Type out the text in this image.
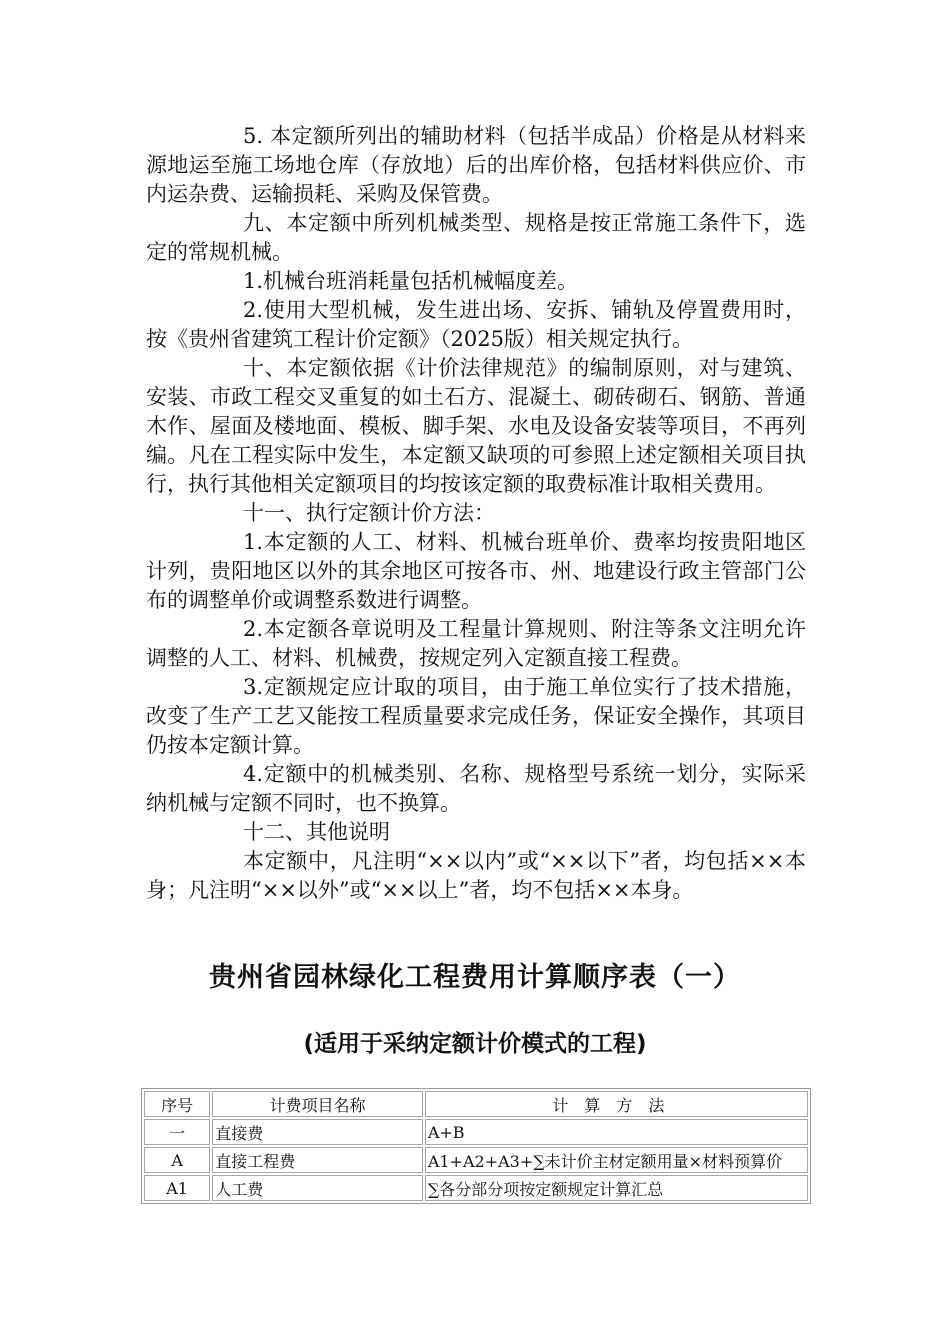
5. 本定额所列出的辅助材料（包括半成品）价格是从材料来源地运至施工场地仓库（存放地）后的出库价格，包括材料供应价、市内运杂费、运输损耗、采购及保管费。

九、本定额中所列机械类型、规格是按正常施工条件下，选定的常规机械。

1.机械台班消耗量包括机械幅度差。

2.使用大型机械，发生进出场、安拆、铺轨及停置费用时，按《贵州省建筑工程计价定额》（2025版）相关规定执行。

十、本定额依据《计价法律规范》的编制原则，对与建筑、安装、市政工程交叉重复的如土石方、混凝土、砌砖砌石、钢筋、普通木作、屋面及楼地面、模板、脚手架、水电及设备安装等项目，不再列编。凡在工程实际中发生，本定额又缺项的可参照上述定额相关项目执行，执行其他相关定额项目的均按该定额的取费标准计取相关费用。

十一、执行定额计价方法：

1.本定额的人工、材料、机械台班单价、费率均按贵阳地区计列，贵阳地区以外的其余地区可按各市、州、地建设行政主管部门公布的调整单价或调整系数进行调整。

2.本定额各章说明及工程量计算规则、附注等条文注明允许调整的人工、材料、机械费，按规定列入定额直接工程费。

3.定额规定应计取的项目，由于施工单位实行了技术措施，改变了生产工艺又能按工程质量要求完成任务，保证安全操作，其项目仍按本定额计算。

4.定额中的机械类别、名称、规格型号系统一划分，实际采纳机械与定额不同时，也不换算。

十二、其他说明

本定额中，凡注明“××以内”或“××以下”者，均包括××本身；凡注明“××以外”或“××以上”者，均不包括××本身。

贵州省园林绿化工程费用计算顺序表（一）
(适用于采纳定额计价模式的工程)
序号	计费项目名称	计算方法
一	直接费	A+B
A	直接工程费	A1+A2+A3+∑未计价主材定额用量×材料预算价
A1	人工费	∑各分部分项按定额规定计算汇总
